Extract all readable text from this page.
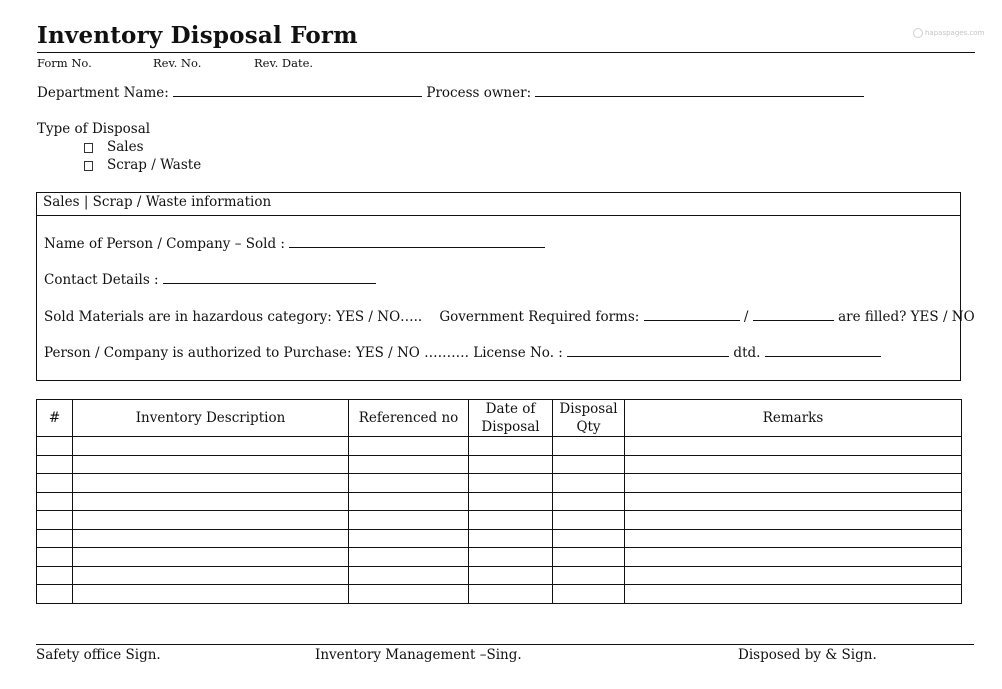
Inventory Disposal Form	hapaspages.com
Form No.	Rev. No.	Rev. Date.
Department Name:	Process owner:
Type of Disposal
Sales
Scrap / Waste
Sales | Scrap / Waste information
Name of Person / Company – Sold :
Contact Details :
Sold Materials are in hazardous category: YES / NO….. Government Required forms:	/	are filled? YES / NO
Person / Company is authorized to Purchase: YES / NO ………. License No. :	dtd.
#	Inventory Description	Referenced no	Date of Disposal	Disposal Qty	Remarks

Safety office Sign.	Inventory Management –Sing.	Disposed by & Sign.
